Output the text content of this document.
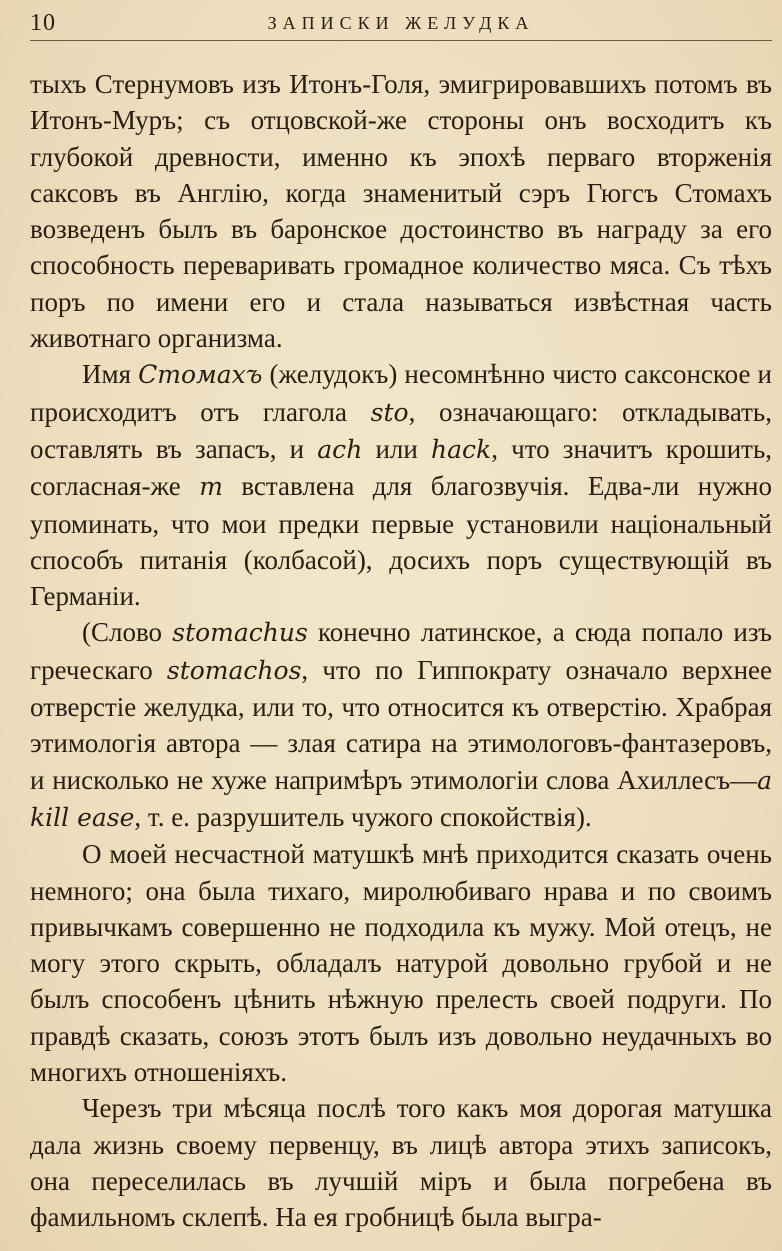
10	ЗАПИСКИ ЖЕЛУДКА

тыхъ Стернумовъ изъ Итонъ-Голя, эмигрировавшихъ потомъ въ Итонъ-Муръ; съ отцовской-же стороны онъ восходитъ къ глубокой древности, именно къ эпохѣ перваго вторженія саксовъ въ Англію, когда знаменитый сэръ Гюгсъ Стомахъ возведенъ былъ въ баронское достоинство въ награду за его способность переваривать громадное количество мяса. Съ тѣхъ поръ по имени его и стала называться извѣстная часть животнаго организма.

Имя Стомахъ (желудокъ) несомнѣнно чисто саксонское и происходитъ отъ глагола sto, означающаго: откладывать, оставлять въ запасъ, и ach или hack, что значитъ крошить, согласная-же m вставлена для благозвучія. Едва-ли нужно упоминать, что мои предки первые установили національный способъ питанія (колбасой), досихъ поръ существующій въ Германіи.

(Слово stomachus конечно латинское, а сюда попало изъ греческаго stomachos, что по Гиппократу означало верхнее отверстіе желудка, или то, что относится къ отверстію. Храбрая этимологія автора — злая сатира на этимологовъ-фантазеровъ, и нисколько не хуже напримѣръ этимологіи слова Ахиллесъ—a kill ease, т. е. разрушитель чужого спокойствія).

О моей несчастной матушкѣ мнѣ приходится сказать очень немного; она была тихаго, миролюбиваго нрава и по своимъ привычкамъ совершенно не подходила къ мужу. Мой отецъ, не могу этого скрыть, обладалъ натурой довольно грубой и не былъ способенъ цѣнить нѣжную прелесть своей подруги. По правдѣ сказать, союзъ этотъ былъ изъ довольно неудачныхъ во многихъ отношеніяхъ.

Черезъ три мѣсяца послѣ того какъ моя дорогая матушка дала жизнь своему первенцу, въ лицѣ автора этихъ записокъ, она переселилась въ лучшій міръ и была погребена въ фамильномъ склепѣ. На ея гробницѣ была выгра-
